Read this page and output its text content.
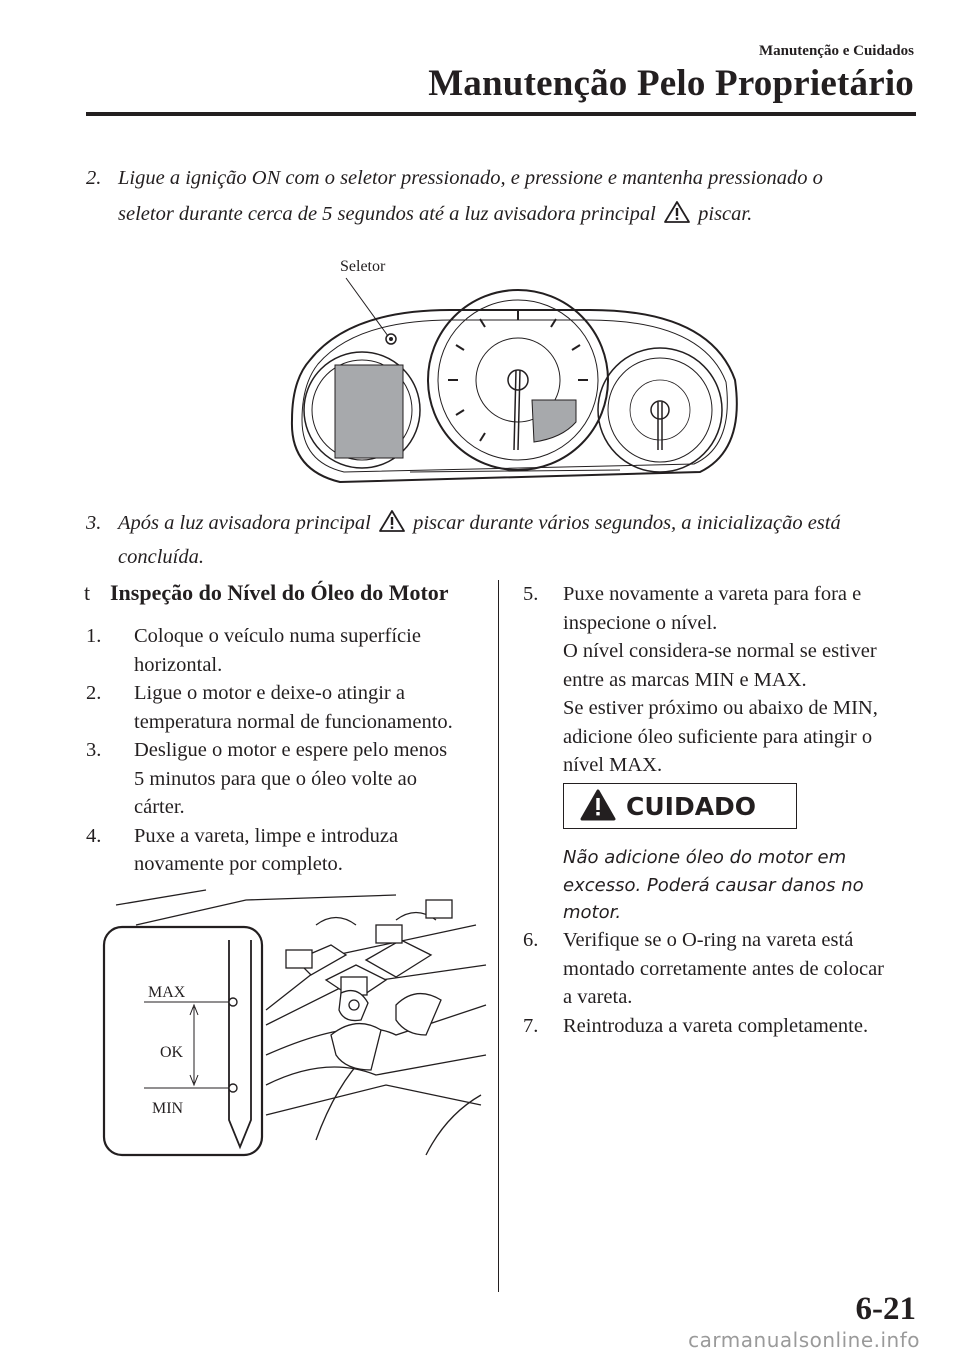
Manutenção e Cuidados
Manutenção Pelo Proprietário
2. Ligue a ignição ON com o seletor pressionado, e pressione e mantenha pressionado o
seletor durante cerca de 5 segundos até a luz avisadora principal piscar.
Seletor
3. Após a luz avisadora principal piscar durante vários segundos, a inicialização está
concluída.
t Inspeção do Nível do Óleo do Motor
1. Coloque o veículo numa superfície
horizontal.
2. Ligue o motor e deixe-o atingir a
temperatura normal de funcionamento.
3. Desligue o motor e espere pelo menos
5 minutos para que o óleo volte ao
cárter.
4. Puxe a vareta, limpe e introduza
novamente por completo.
MAX
OK
MIN
5. Puxe novamente a vareta para fora e
inspecione o nível.
O nível considera-se normal se estiver
entre as marcas MIN e MAX.
Se estiver próximo ou abaixo de MIN,
adicione óleo suficiente para atingir o
nível MAX.
CUIDADO
Não adicione óleo do motor em
excesso. Poderá causar danos no
motor.
6. Verifique se o O-ring na vareta está
montado corretamente antes de colocar
a vareta.
7. Reintroduza a vareta completamente.
6-21
carmanualsonline.info
